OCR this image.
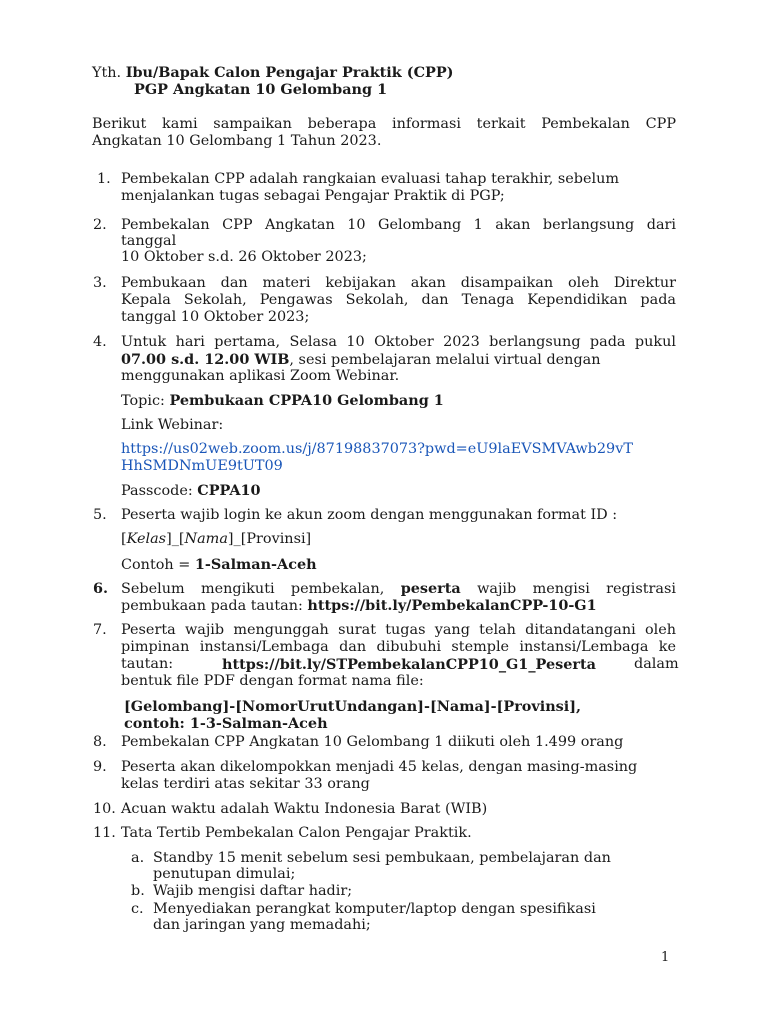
Yth. Ibu/Bapak Calon Pengajar Praktik (CPP)
PGP Angkatan 10 Gelombang 1
Berikut kami sampaikan beberapa informasi terkait Pembekalan CPP
Angkatan 10 Gelombang 1 Tahun 2023.
1. Pembekalan CPP adalah rangkaian evaluasi tahap terakhir, sebelum
menjalankan tugas sebagai Pengajar Praktik di PGP;
2. Pembekalan CPP Angkatan 10 Gelombang 1 akan berlangsung dari
tanggal
10 Oktober s.d. 26 Oktober 2023;
3. Pembukaan dan materi kebijakan akan disampaikan oleh Direktur
Kepala Sekolah, Pengawas Sekolah, dan Tenaga Kependidikan pada
tanggal 10 Oktober 2023;
4. Untuk hari pertama, Selasa 10 Oktober 2023 berlangsung pada pukul
07.00 s.d. 12.00 WIB, sesi pembelajaran melalui virtual dengan
menggunakan aplikasi Zoom Webinar.
Topic: Pembukaan CPPA10 Gelombang 1
Link Webinar:
https://us02web.zoom.us/j/87198837073?pwd=eU9laEVSMVAwb29vT
HhSMDNmUE9tUT09
Passcode: CPPA10
5. Peserta wajib login ke akun zoom dengan menggunakan format ID :
[Kelas]_[Nama]_[Provinsi]
Contoh = 1-Salman-Aceh
6. Sebelum mengikuti pembekalan, peserta wajib mengisi registrasi
pembukaan pada tautan: https://bit.ly/PembekalanCPP-10-G1
7. Peserta wajib mengunggah surat tugas yang telah ditandatangani oleh
pimpinan instansi/Lembaga dan dibubuhi stemple instansi/Lembaga ke
tautan:	https://bit.ly/STPembekalanCPP10_G1_Peserta	dalam
bentuk file PDF dengan format nama file:
[Gelombang]-[NomorUrutUndangan]-[Nama]-[Provinsi],
contoh: 1-3-Salman-Aceh
8. Pembekalan CPP Angkatan 10 Gelombang 1 diikuti oleh 1.499 orang
9. Peserta akan dikelompokkan menjadi 45 kelas, dengan masing-masing
kelas terdiri atas sekitar 33 orang
10. Acuan waktu adalah Waktu Indonesia Barat (WIB)
11. Tata Tertib Pembekalan Calon Pengajar Praktik.
a. Standby 15 menit sebelum sesi pembukaan, pembelajaran dan
penutupan dimulai;
b. Wajib mengisi daftar hadir;
c. Menyediakan perangkat komputer/laptop dengan spesifikasi
dan jaringan yang memadahi;
1
